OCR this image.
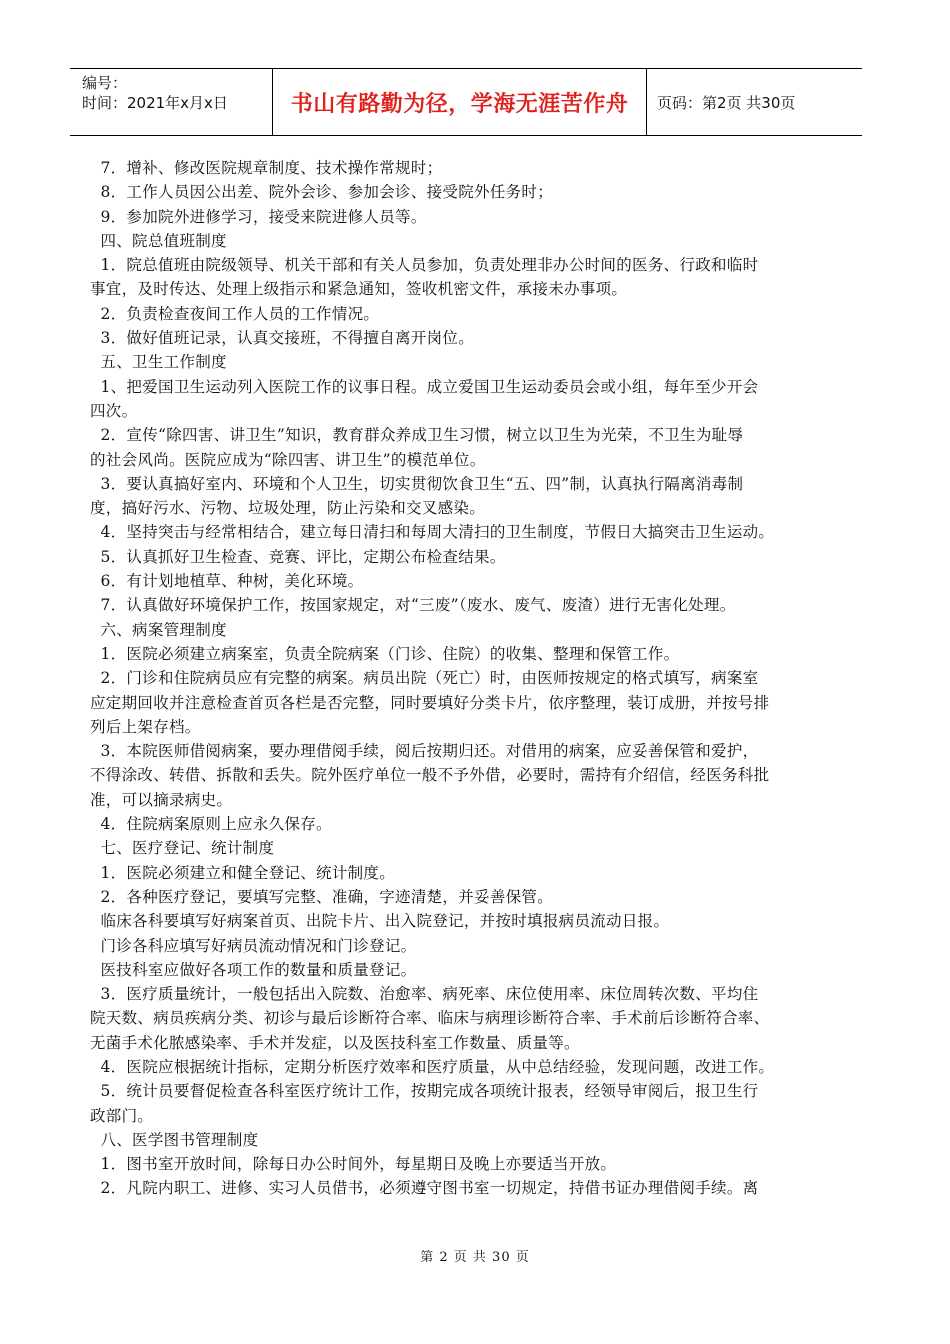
编号：
时间：2021年x月x日	书山有路勤为径，学海无涯苦作舟	页码：第2页 共30页
7．增补、修改医院规章制度、技术操作常规时；
8．工作人员因公出差、院外会诊、参加会诊、接受院外任务时；
9．参加院外进修学习，接受来院进修人员等。
四、院总值班制度
1．院总值班由院级领导、机关干部和有关人员参加，负责处理非办公时间的医务、行政和临时
事宜，及时传达、处理上级指示和紧急通知，签收机密文件，承接未办事项。
2．负责检查夜间工作人员的工作情况。
3．做好值班记录，认真交接班，不得擅自离开岗位。
五、卫生工作制度
1、把爱国卫生运动列入医院工作的议事日程。成立爱国卫生运动委员会或小组，每年至少开会
四次。
2．宣传“除四害、讲卫生”知识，教育群众养成卫生习惯，树立以卫生为光荣，不卫生为耻辱
的社会风尚。医院应成为“除四害、讲卫生”的模范单位。
3．要认真搞好室内、环境和个人卫生，切实贯彻饮食卫生“五、四”制，认真执行隔离消毒制
度，搞好污水、污物、垃圾处理，防止污染和交叉感染。
4．坚持突击与经常相结合，建立每日清扫和每周大清扫的卫生制度，节假日大搞突击卫生运动。
5．认真抓好卫生检查、竞赛、评比，定期公布检查结果。
6．有计划地植草、种树，美化环境。
7．认真做好环境保护工作，按国家规定，对“三废”（废水、废气、废渣）进行无害化处理。
六、病案管理制度
1．医院必须建立病案室，负责全院病案（门诊、住院）的收集、整理和保管工作。
2．门诊和住院病员应有完整的病案。病员出院（死亡）时，由医师按规定的格式填写，病案室
应定期回收并注意检查首页各栏是否完整，同时要填好分类卡片，依序整理，装订成册，并按号排
列后上架存档。
3．本院医师借阅病案，要办理借阅手续，阅后按期归还。对借用的病案，应妥善保管和爱护，
不得涂改、转借、拆散和丢失。院外医疗单位一般不予外借，必要时，需持有介绍信，经医务科批
准，可以摘录病史。
4．住院病案原则上应永久保存。
七、医疗登记、统计制度
1．医院必须建立和健全登记、统计制度。
2．各种医疗登记，要填写完整、准确，字迹清楚，并妥善保管。
临床各科要填写好病案首页、出院卡片、出入院登记，并按时填报病员流动日报。
门诊各科应填写好病员流动情况和门诊登记。
医技科室应做好各项工作的数量和质量登记。
3．医疗质量统计，一般包括出入院数、治愈率、病死率、床位使用率、床位周转次数、平均住
院天数、病员疾病分类、初诊与最后诊断符合率、临床与病理诊断符合率、手术前后诊断符合率、
无菌手术化脓感染率、手术并发症，以及医技科室工作数量、质量等。
4．医院应根据统计指标，定期分析医疗效率和医疗质量，从中总结经验，发现问题，改进工作。
5．统计员要督促检查各科室医疗统计工作，按期完成各项统计报表，经领导审阅后，报卫生行
政部门。
八、医学图书管理制度
1．图书室开放时间，除每日办公时间外，每星期日及晚上亦要适当开放。
2．凡院内职工、进修、实习人员借书，必须遵守图书室一切规定，持借书证办理借阅手续。离
第 2 页 共 30 页
